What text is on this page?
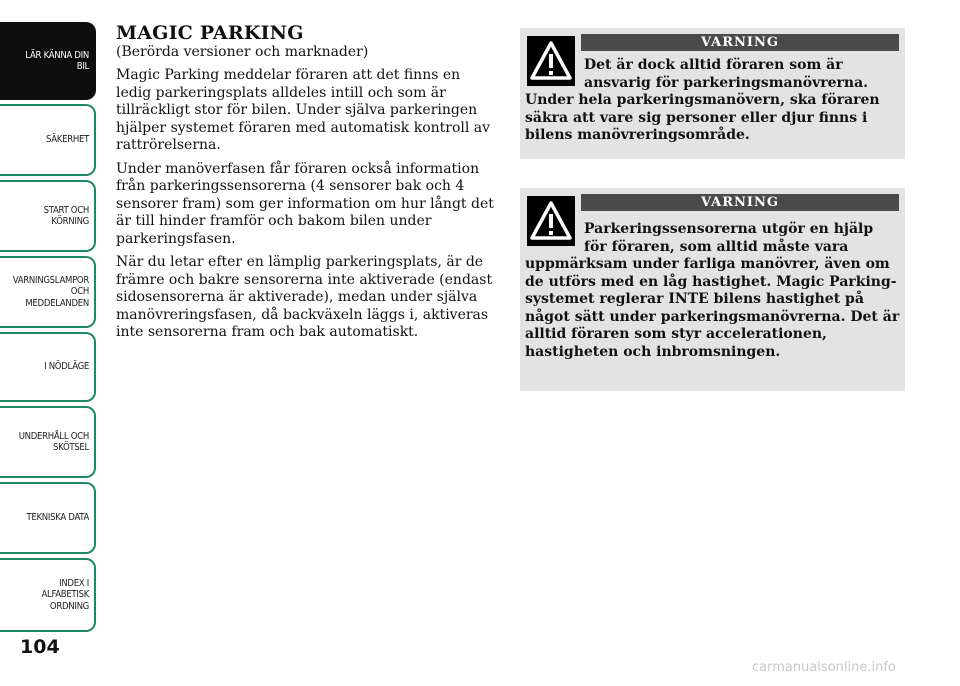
LÄR KÄNNA DIN
BIL
SÄKERHET
START OCH
KÖRNING
VARNINGSLAMPOR
OCH
MEDDELANDEN
I NÖDLÄGE
UNDERHÅLL OCH
SKÖTSEL
TEKNISKA DATA
INDEX I
ALFABETISK
ORDNING
104
MAGIC PARKING

(Berörda versioner och marknader)

Magic Parking meddelar föraren att det finns en ledig parkeringsplats alldeles intill och som är tillräckligt stor för bilen. Under själva parkeringen hjälper systemet föraren med automatisk kontroll av rattrörelserna.

Under manöverfasen får föraren också information från parkeringssensorerna (4 sensorer bak och 4 sensorer fram) som ger information om hur långt det är till hinder framför och bakom bilen under parkeringsfasen.

När du letar efter en lämplig parkeringsplats, är de främre och bakre sensorerna inte aktiverade (endast sidosensorerna är aktiverade), medan under själva manövreringsfasen, då backväxeln läggs i, aktiveras inte sensorerna fram och bak automatiskt.

VARNING
Det är dock alltid föraren som är ansvarig för parkeringsmanövrerna.
Under hela parkeringsmanövern, ska föraren säkra att vare sig personer eller djur finns i bilens manövreringsområde.
VARNING
Parkeringssensorerna utgör en hjälp för föraren, som alltid måste vara
uppmärksam under farliga manövrer, även om de utförs med en låg hastighet. Magic Parking-systemet reglerar INTE bilens hastighet på något sätt under parkeringsmanövrerna. Det är alltid föraren som styr accelerationen, hastigheten och inbromsningen.
carmanualsonline.info
